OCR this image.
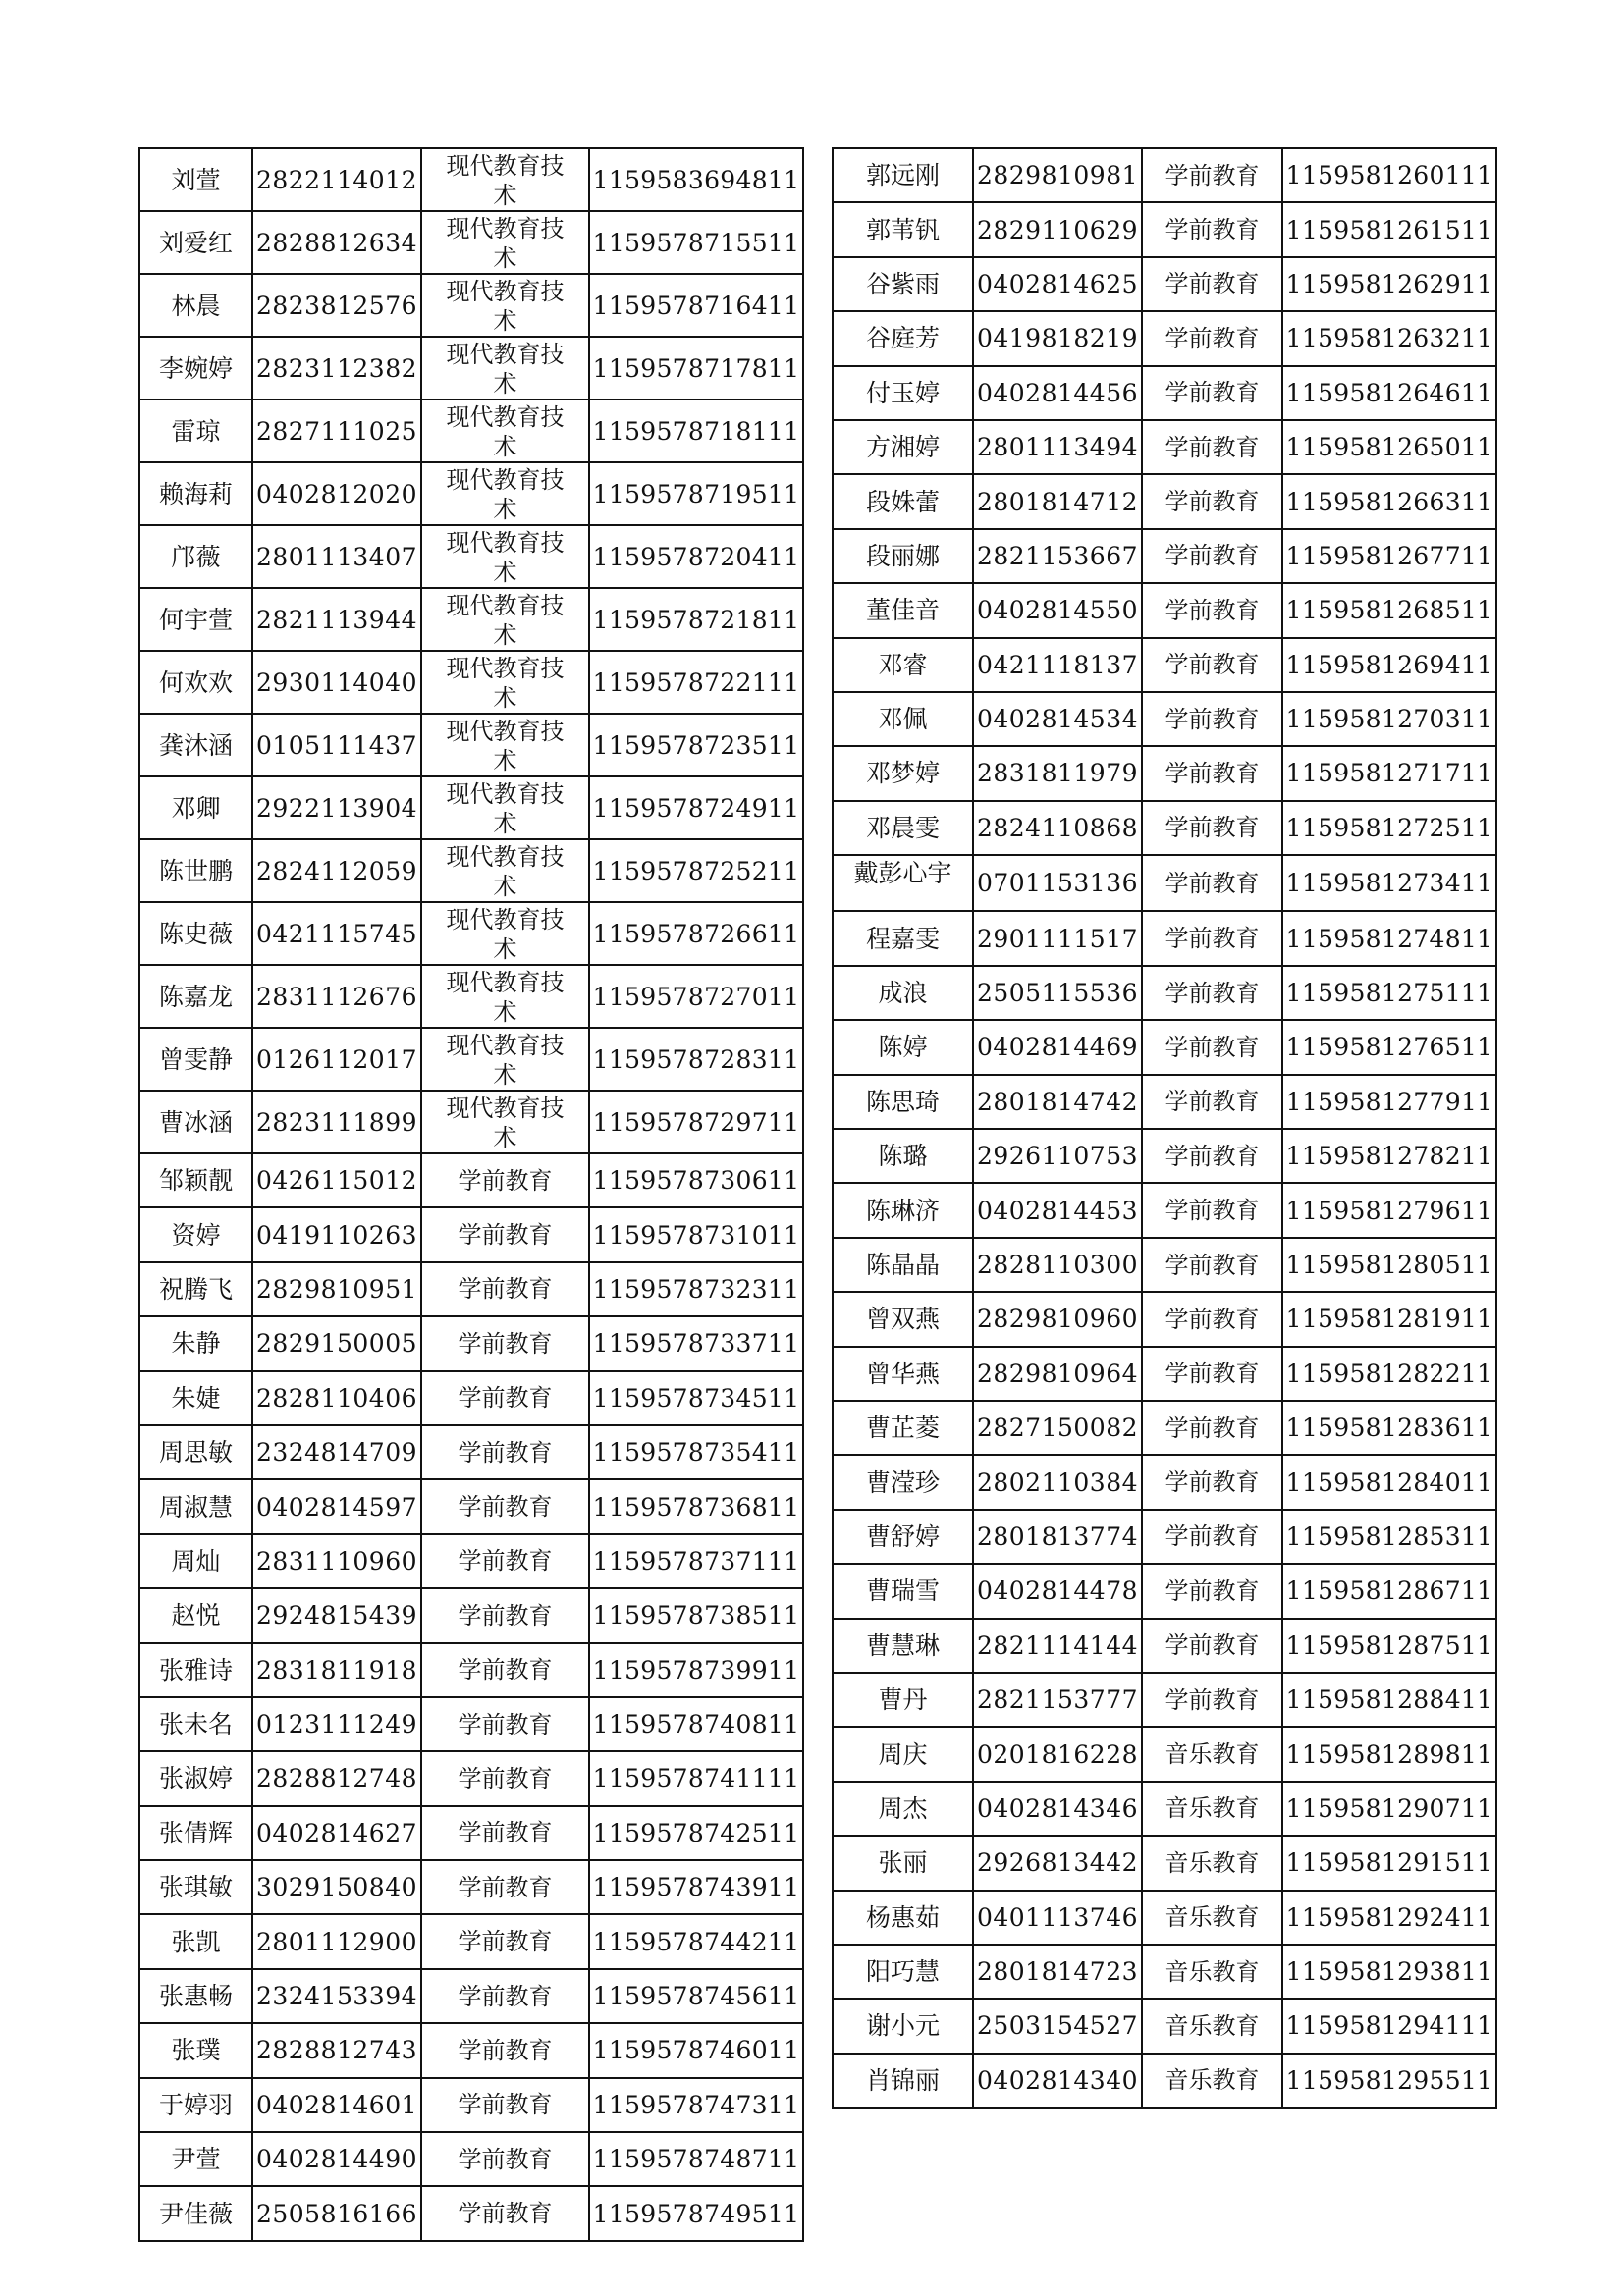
刘萱	2822114012	现代教育技术	1159583694811
刘爱红	2828812634	现代教育技术	1159578715511
林晨	2823812576	现代教育技术	1159578716411
李婉婷	2823112382	现代教育技术	1159578717811
雷琼	2827111025	现代教育技术	1159578718111
赖海莉	0402812020	现代教育技术	1159578719511
邝薇	2801113407	现代教育技术	1159578720411
何宇萱	2821113944	现代教育技术	1159578721811
何欢欢	2930114040	现代教育技术	1159578722111
龚沐涵	0105111437	现代教育技术	1159578723511
邓卿	2922113904	现代教育技术	1159578724911
陈世鹏	2824112059	现代教育技术	1159578725211
陈史薇	0421115745	现代教育技术	1159578726611
陈嘉龙	2831112676	现代教育技术	1159578727011
曾雯静	0126112017	现代教育技术	1159578728311
曹冰涵	2823111899	现代教育技术	1159578729711
邹颖靓	0426115012	学前教育	1159578730611
资婷	0419110263	学前教育	1159578731011
祝腾飞	2829810951	学前教育	1159578732311
朱静	2829150005	学前教育	1159578733711
朱婕	2828110406	学前教育	1159578734511
周思敏	2324814709	学前教育	1159578735411
周淑慧	0402814597	学前教育	1159578736811
周灿	2831110960	学前教育	1159578737111
赵悦	2924815439	学前教育	1159578738511
张雅诗	2831811918	学前教育	1159578739911
张未名	0123111249	学前教育	1159578740811
张淑婷	2828812748	学前教育	1159578741111
张倩辉	0402814627	学前教育	1159578742511
张琪敏	3029150840	学前教育	1159578743911
张凯	2801112900	学前教育	1159578744211
张惠畅	2324153394	学前教育	1159578745611
张璞	2828812743	学前教育	1159578746011
于婷羽	0402814601	学前教育	1159578747311
尹萱	0402814490	学前教育	1159578748711
尹佳薇	2505816166	学前教育	1159578749511
郭远刚	2829810981	学前教育	1159581260111
郭苇钒	2829110629	学前教育	1159581261511
谷紫雨	0402814625	学前教育	1159581262911
谷庭芳	0419818219	学前教育	1159581263211
付玉婷	0402814456	学前教育	1159581264611
方湘婷	2801113494	学前教育	1159581265011
段姝蕾	2801814712	学前教育	1159581266311
段丽娜	2821153667	学前教育	1159581267711
董佳音	0402814550	学前教育	1159581268511
邓睿	0421118137	学前教育	1159581269411
邓佩	0402814534	学前教育	1159581270311
邓梦婷	2831811979	学前教育	1159581271711
邓晨雯	2824110868	学前教育	1159581272511
戴彭心宇	0701153136	学前教育	1159581273411
程嘉雯	2901111517	学前教育	1159581274811
成浪	2505115536	学前教育	1159581275111
陈婷	0402814469	学前教育	1159581276511
陈思琦	2801814742	学前教育	1159581277911
陈璐	2926110753	学前教育	1159581278211
陈琳济	0402814453	学前教育	1159581279611
陈晶晶	2828110300	学前教育	1159581280511
曾双燕	2829810960	学前教育	1159581281911
曾华燕	2829810964	学前教育	1159581282211
曹芷菱	2827150082	学前教育	1159581283611
曹滢珍	2802110384	学前教育	1159581284011
曹舒婷	2801813774	学前教育	1159581285311
曹瑞雪	0402814478	学前教育	1159581286711
曹慧琳	2821114144	学前教育	1159581287511
曹丹	2821153777	学前教育	1159581288411
周庆	0201816228	音乐教育	1159581289811
周杰	0402814346	音乐教育	1159581290711
张丽	2926813442	音乐教育	1159581291511
杨惠茹	0401113746	音乐教育	1159581292411
阳巧慧	2801814723	音乐教育	1159581293811
谢小元	2503154527	音乐教育	1159581294111
肖锦丽	0402814340	音乐教育	1159581295511
